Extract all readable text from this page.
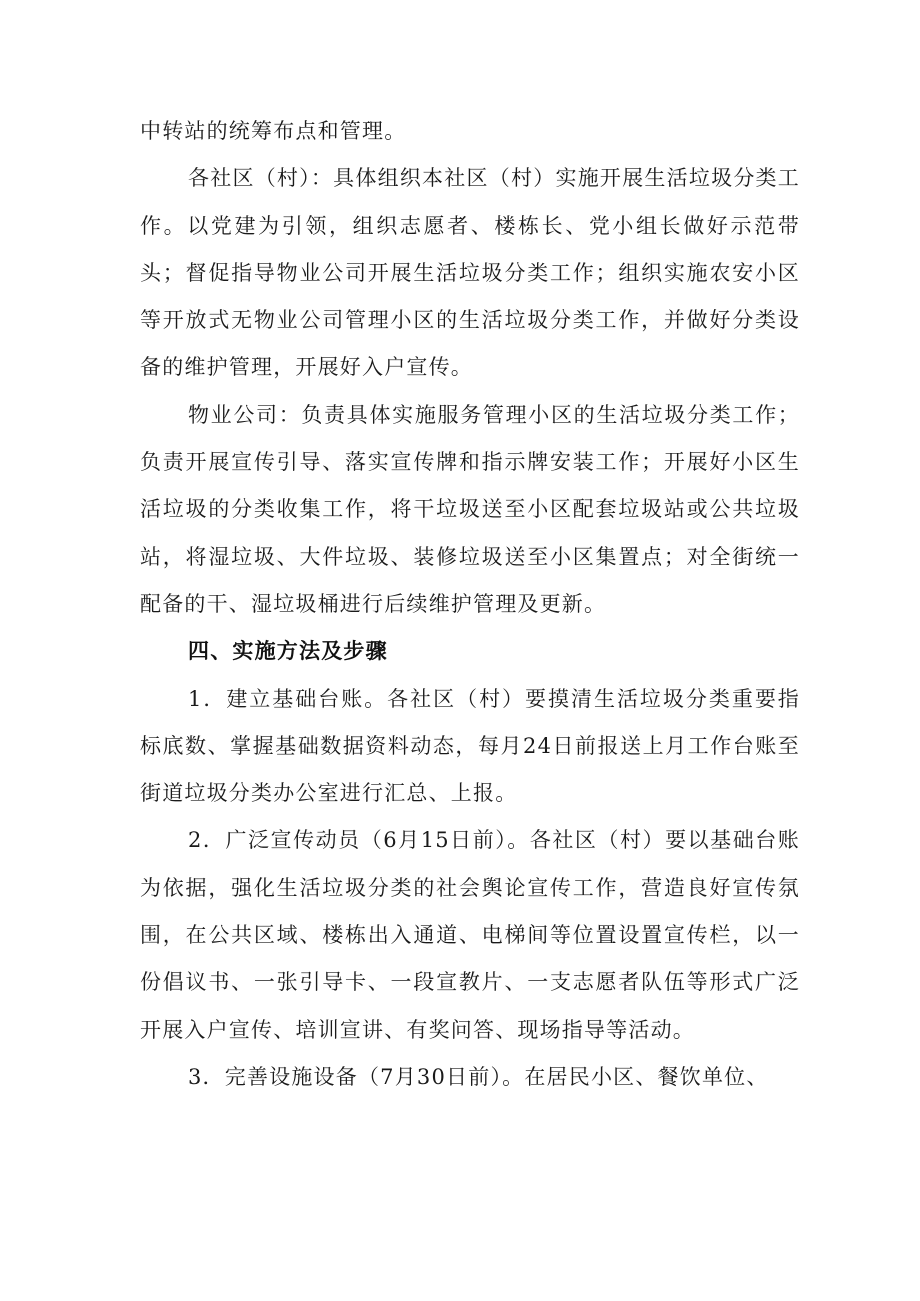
中转站的统筹布点和管理。

各社区（村）：具体组织本社区（村）实施开展生活垃圾分类工作。以党建为引领，组织志愿者、楼栋长、党小组长做好示范带头；督促指导物业公司开展生活垃圾分类工作；组织实施农安小区等开放式无物业公司管理小区的生活垃圾分类工作，并做好分类设备的维护管理，开展好入户宣传。

物业公司：负责具体实施服务管理小区的生活垃圾分类工作；负责开展宣传引导、落实宣传牌和指示牌安装工作；开展好小区生活垃圾的分类收集工作，将干垃圾送至小区配套垃圾站或公共垃圾站，将湿垃圾、大件垃圾、装修垃圾送至小区集置点；对全街统一配备的干、湿垃圾桶进行后续维护管理及更新。

四、实施方法及步骤

1．建立基础台账。各社区（村）要摸清生活垃圾分类重要指标底数、掌握基础数据资料动态，每月24日前报送上月工作台账至街道垃圾分类办公室进行汇总、上报。

2．广泛宣传动员（6月15日前）。各社区（村）要以基础台账为依据，强化生活垃圾分类的社会舆论宣传工作，营造良好宣传氛围，在公共区域、楼栋出入通道、电梯间等位置设置宣传栏，以一份倡议书、一张引导卡、一段宣教片、一支志愿者队伍等形式广泛开展入户宣传、培训宣讲、有奖问答、现场指导等活动。

3．完善设施设备（7月30日前）。在居民小区、餐饮单位、
